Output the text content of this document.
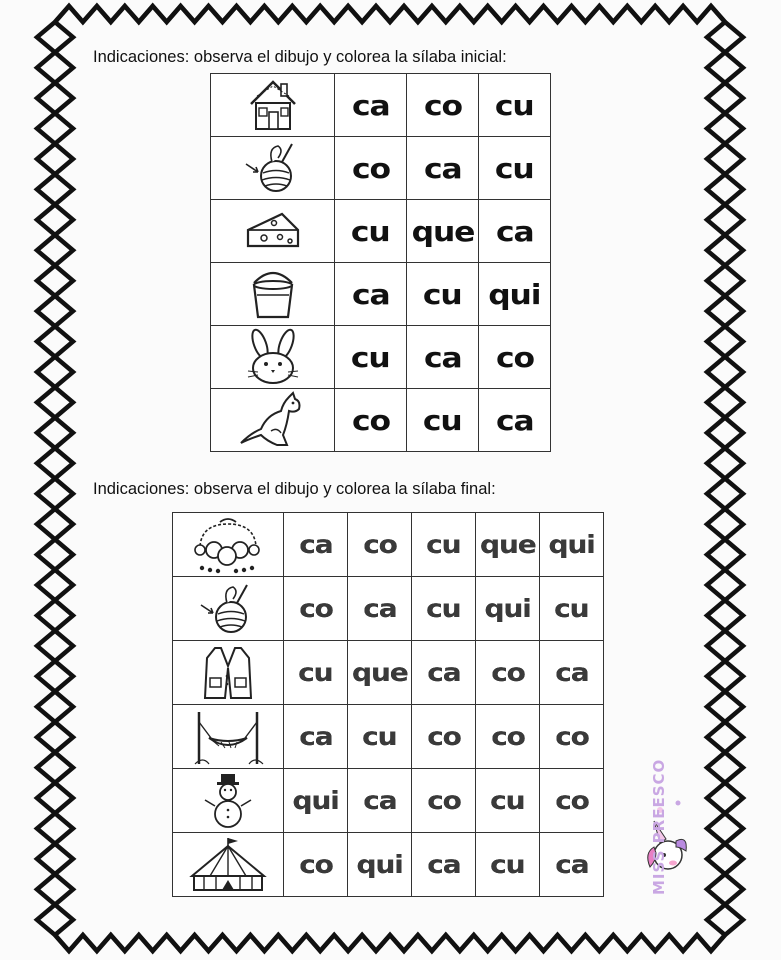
Indicaciones: observa el dibujo y colorea la sílaba inicial:
	ca	co	cu

	co	ca	cu

	cu	que	ca

	ca	cu	qui

	cu	ca	co

	co	cu	ca
Indicaciones: observa el dibujo y colorea la sílaba final:
	ca	co	cu	que	qui

	co	ca	cu	qui	cu

	cu	que	ca	co	ca

	ca	cu	co	co	co

	qui	ca	co	cu	co

	co	qui	ca	cu	ca	MISS PREESCO
